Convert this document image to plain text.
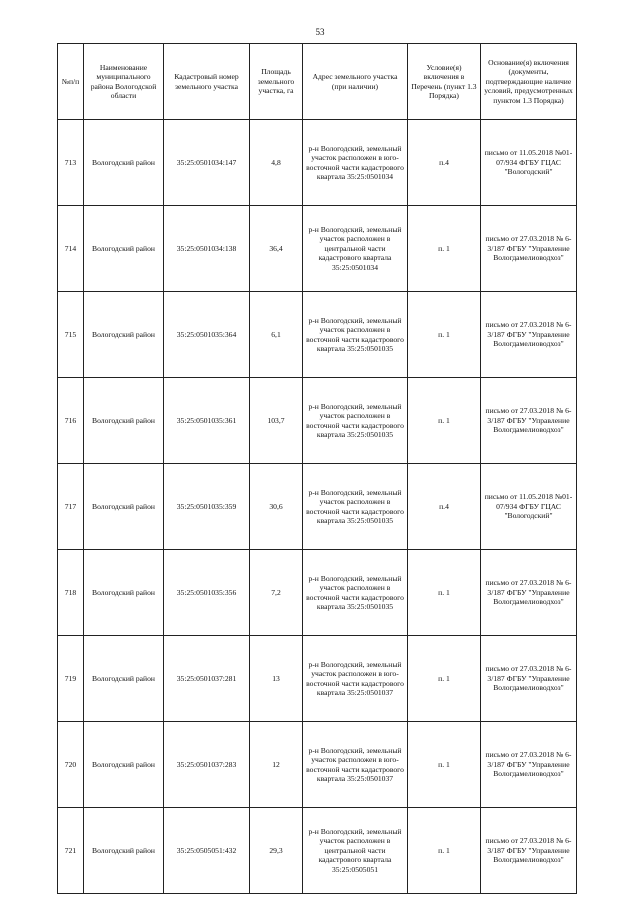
53
№п/п	Наименование муниципального района Вологодской области	Кадастровый номер земельного участка	Площадь земельного участка, га	Адрес земельного участка (при наличии)	Условие(я) включения в Перечень (пункт 1.3 Порядка)	Основание(я) включения (документы, подтверждающие наличие условий, предусмотренных пунктом 1.3 Порядка)
713	Вологодский район	35:25:0501034:147	4,8	р-н Вологодский, земельный участок расположен в юго-восточной части кадастрового квартала 35:25:0501034	п.4	письмо от 11.05.2018 №01-07/934 ФГБУ ГЦАС "Вологодский"
714	Вологодский район	35:25:0501034:138	36,4	р-н Вологодский, земельный участок расположен в центральной части кадастрового квартала 35:25:0501034	п. 1	письмо от 27.03.2018 № 6-3/187 ФГБУ "Управление Вологдамелиоводхоз"
715	Вологодский район	35:25:0501035:364	6,1	р-н Вологодский, земельный участок расположен в восточной части кадастрового квартала 35:25:0501035	п. 1	письмо от 27.03.2018 № 6-3/187 ФГБУ "Управление Вологдамелиоводхоз"
716	Вологодский район	35:25:0501035:361	103,7	р-н Вологодский, земельный участок расположен в восточной части кадастрового квартала 35:25:0501035	п. 1	письмо от 27.03.2018 № 6-3/187 ФГБУ "Управление Вологдамелиоводхоз"
717	Вологодский район	35:25:0501035:359	30,6	р-н Вологодский, земельный участок расположен в восточной части кадастрового квартала 35:25:0501035	п.4	письмо от 11.05.2018 №01-07/934 ФГБУ ГЦАС "Вологодский"
718	Вологодский район	35:25:0501035:356	7,2	р-н Вологодский, земельный участок расположен в восточной части кадастрового квартала 35:25:0501035	п. 1	письмо от 27.03.2018 № 6-3/187 ФГБУ "Управление Вологдамелиоводхоз"
719	Вологодский район	35:25:0501037:281	13	р-н Вологодский, земельный участок расположен в юго-восточной части кадастрового квартала 35:25:0501037	п. 1	письмо от 27.03.2018 № 6-3/187 ФГБУ "Управление Вологдамелиоводхоз"
720	Вологодский район	35:25:0501037:283	12	р-н Вологодский, земельный участок расположен в юго-восточной части кадастрового квартала 35:25:0501037	п. 1	письмо от 27.03.2018 № 6-3/187 ФГБУ "Управление Вологдамелиоводхоз"
721	Вологодский район	35:25:0505051:432	29,3	р-н Вологодский, земельный участок расположен в центральной части кадастрового квартала 35:25:0505051	п. 1	письмо от 27.03.2018 № 6-3/187 ФГБУ "Управление Вологдамелиоводхоз"
